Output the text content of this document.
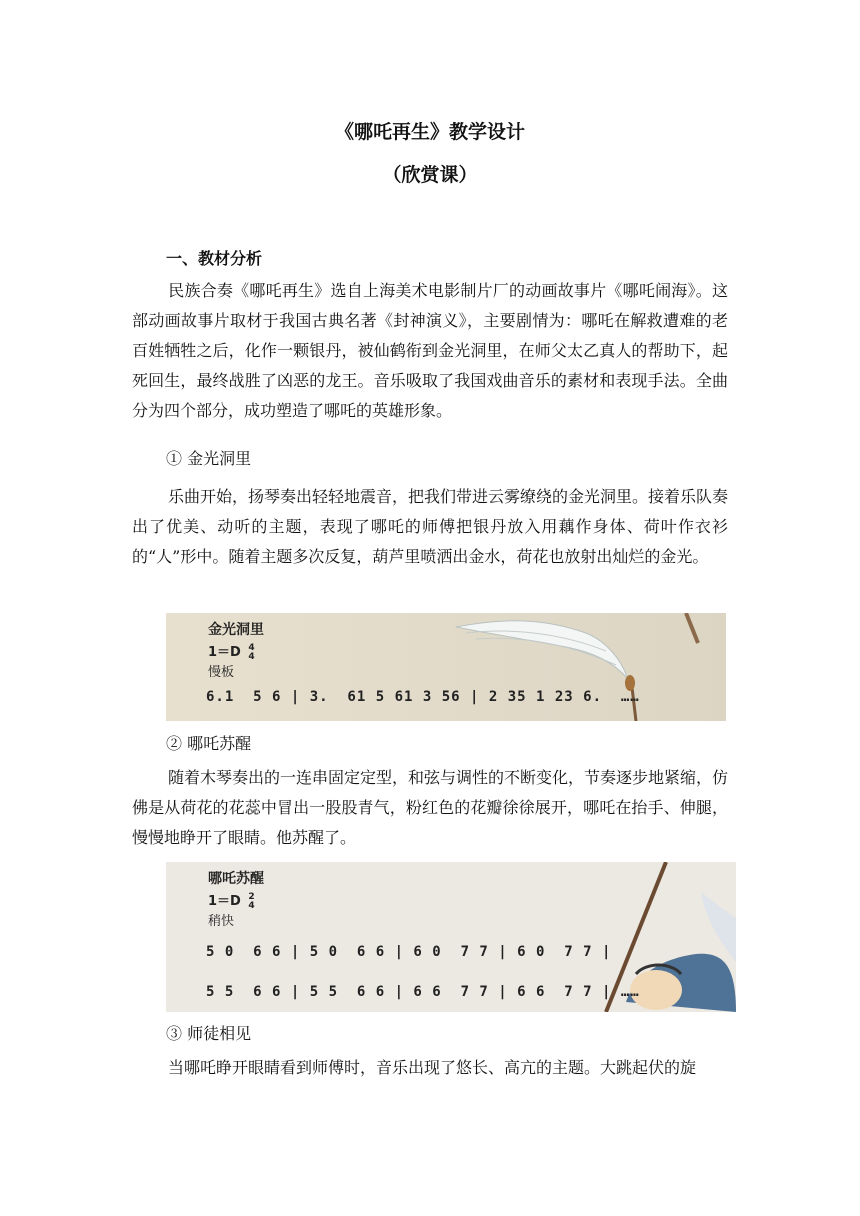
《哪吒再生》教学设计
（欣赏课）
一、教材分析
民族合奏《哪吒再生》选自上海美术电影制片厂的动画故事片《哪吒闹海》。这部动画故事片取材于我国古典名著《封神演义》，主要剧情为：哪吒在解救遭难的老百姓牺牲之后，化作一颗银丹，被仙鹤衔到金光洞里，在师父太乙真人的帮助下，起死回生，最终战胜了凶恶的龙王。音乐吸取了我国戏曲音乐的素材和表现手法。全曲分为四个部分，成功塑造了哪吒的英雄形象。
① 金光洞里
乐曲开始，扬琴奏出轻轻地震音，把我们带进云雾缭绕的金光洞里。接着乐队奏出了优美、动听的主题，表现了哪吒的师傅把银丹放入用藕作身体、荷叶作衣衫的“人”形中。随着主题多次反复，葫芦里喷洒出金水，荷花也放射出灿烂的金光。
金光洞里
1＝D 4
4
慢板
6.1  5 6 | 3.  61 5 61 3 56 | 2 35 1 23 6.  ……
② 哪吒苏醒
随着木琴奏出的一连串固定定型，和弦与调性的不断变化，节奏逐步地紧缩，仿佛是从荷花的花蕊中冒出一股股青气，粉红色的花瓣徐徐展开，哪吒在抬手、伸腿，慢慢地睁开了眼睛。他苏醒了。
哪吒苏醒
1＝D 2
4
稍快
5 0  6 6 | 5 0  6 6 | 6 0  7 7 | 6 0  7 7 |
5 5  6 6 | 5 5  6 6 | 6 6  7 7 | 6 6  7 7 | ……
③ 师徒相见
当哪吒睁开眼睛看到师傅时，音乐出现了悠长、高亢的主题。大跳起伏的旋
